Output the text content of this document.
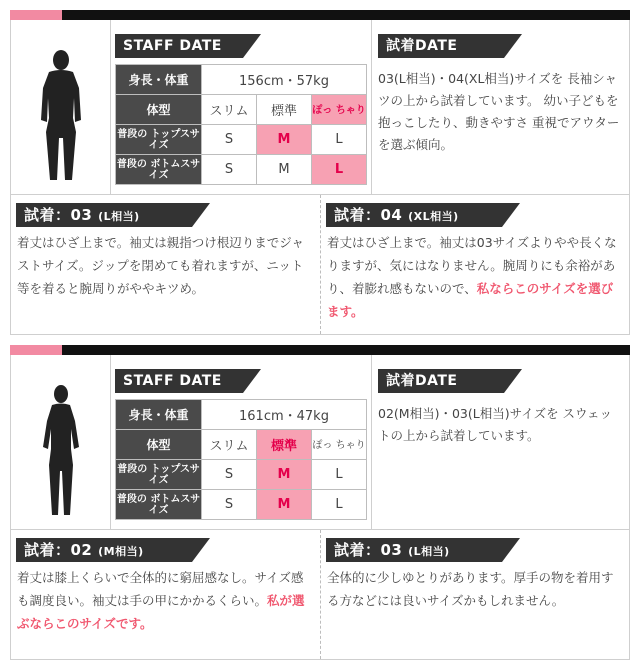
STAFF DATE
身長・体重	156cm・57kg		
体型	スリム	標準	ぽっ ちゃり
普段の トップスサイズ	S	M	L
普段の ボトムスサイズ	S	M	L
試着DATE

03(L相当)・04(XL相当)サイズを 長袖シャツの上から試着しています。 幼い子どもを抱っこしたり、動きやすさ 重視でアウターを選ぶ傾向。

試着：03 (L相当)

着丈はひざ上まで。袖丈は親指つけ根辺りまでジャストサイズ。ジップを閉めても着れますが、ニット等を着ると腕周りがややキツめ。

試着：04 (XL相当)

着丈はひざ上まで。袖丈は03サイズよりやや長くなりますが、気にはなりません。腕周りにも余裕があり、着膨れ感もないので、私ならこのサイズを選びます。

STAFF DATE
身長・体重	161cm・47kg		
体型	スリム	標準	ぽっ ちゃり
普段の トップスサイズ	S	M	L
普段の ボトムスサイズ	S	M	L
試着DATE

02(M相当)・03(L相当)サイズを スウェットの上から試着しています。

試着：02 (M相当)

着丈は膝上くらいで全体的に窮屈感なし。サイズ感も調度良い。袖丈は手の甲にかかるくらい。私が選ぶならこのサイズです。

試着：03 (L相当)

全体的に少しゆとりがあります。厚手の物を着用する方などには良いサイズかもしれません。
